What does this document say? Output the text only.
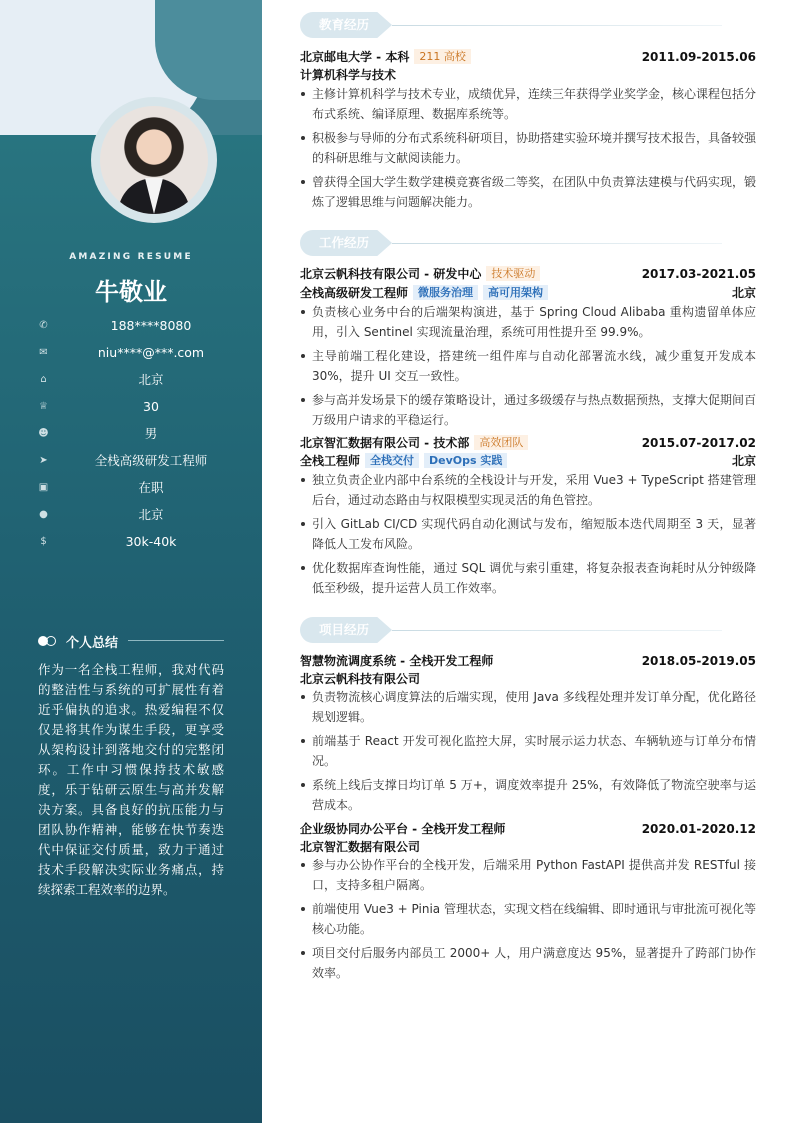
AMAZING RESUME
牛敬业
✆	188****8080
✉	niu****@***.com
⌂	北京
♕	30
☻	男
➤	全栈高级研发工程师
▣	在职
●	北京
$	30k-40k
个人总结
作为一名全栈工程师，我对代码的整洁性与系统的可扩展性有着近乎偏执的追求。热爱编程不仅仅是将其作为谋生手段，更享受从架构设计到落地交付的完整闭环。工作中习惯保持技术敏感度，乐于钻研云原生与高并发解决方案。具备良好的抗压能力与团队协作精神，能够在快节奏迭代中保证交付质量，致力于通过技术手段解决实际业务痛点，持续探索工程效率的边界。
教育经历
北京邮电大学 - 本科 211 高校	2011.09-2015.06
计算机科学与技术
主修计算机科学与技术专业，成绩优异，连续三年获得学业奖学金，核心课程包括分布式系统、编译原理、数据库系统等。
积极参与导师的分布式系统科研项目，协助搭建实验环境并撰写技术报告，具备较强的科研思维与文献阅读能力。
曾获得全国大学生数学建模竞赛省级二等奖，在团队中负责算法建模与代码实现，锻炼了逻辑思维与问题解决能力。
工作经历
北京云帆科技有限公司 - 研发中心 技术驱动	2017.03-2021.05
全栈高级研发工程师 微服务治理 高可用架构	北京
负责核心业务中台的后端架构演进，基于 Spring Cloud Alibaba 重构遗留单体应用，引入 Sentinel 实现流量治理，系统可用性提升至 99.9%。
主导前端工程化建设，搭建统一组件库与自动化部署流水线，减少重复开发成本 30%，提升 UI 交互一致性。
参与高并发场景下的缓存策略设计，通过多级缓存与热点数据预热，支撑大促期间百万级用户请求的平稳运行。
北京智汇数据有限公司 - 技术部 高效团队	2015.07-2017.02
全栈工程师 全栈交付 DevOps 实践	北京
独立负责企业内部中台系统的全栈设计与开发，采用 Vue3 + TypeScript 搭建管理后台，通过动态路由与权限模型实现灵活的角色管控。
引入 GitLab CI/CD 实现代码自动化测试与发布，缩短版本迭代周期至 3 天，显著降低人工发布风险。
优化数据库查询性能，通过 SQL 调优与索引重建，将复杂报表查询耗时从分钟级降低至秒级，提升运营人员工作效率。
项目经历
智慧物流调度系统 - 全栈开发工程师	2018.05-2019.05
北京云帆科技有限公司
负责物流核心调度算法的后端实现，使用 Java 多线程处理并发订单分配，优化路径规划逻辑。
前端基于 React 开发可视化监控大屏，实时展示运力状态、车辆轨迹与订单分布情况。
系统上线后支撑日均订单 5 万+，调度效率提升 25%，有效降低了物流空驶率与运营成本。
企业级协同办公平台 - 全栈开发工程师	2020.01-2020.12
北京智汇数据有限公司
参与办公协作平台的全栈开发，后端采用 Python FastAPI 提供高并发 RESTful 接口，支持多租户隔离。
前端使用 Vue3 + Pinia 管理状态，实现文档在线编辑、即时通讯与审批流可视化等核心功能。
项目交付后服务内部员工 2000+ 人，用户满意度达 95%，显著提升了跨部门协作效率。
